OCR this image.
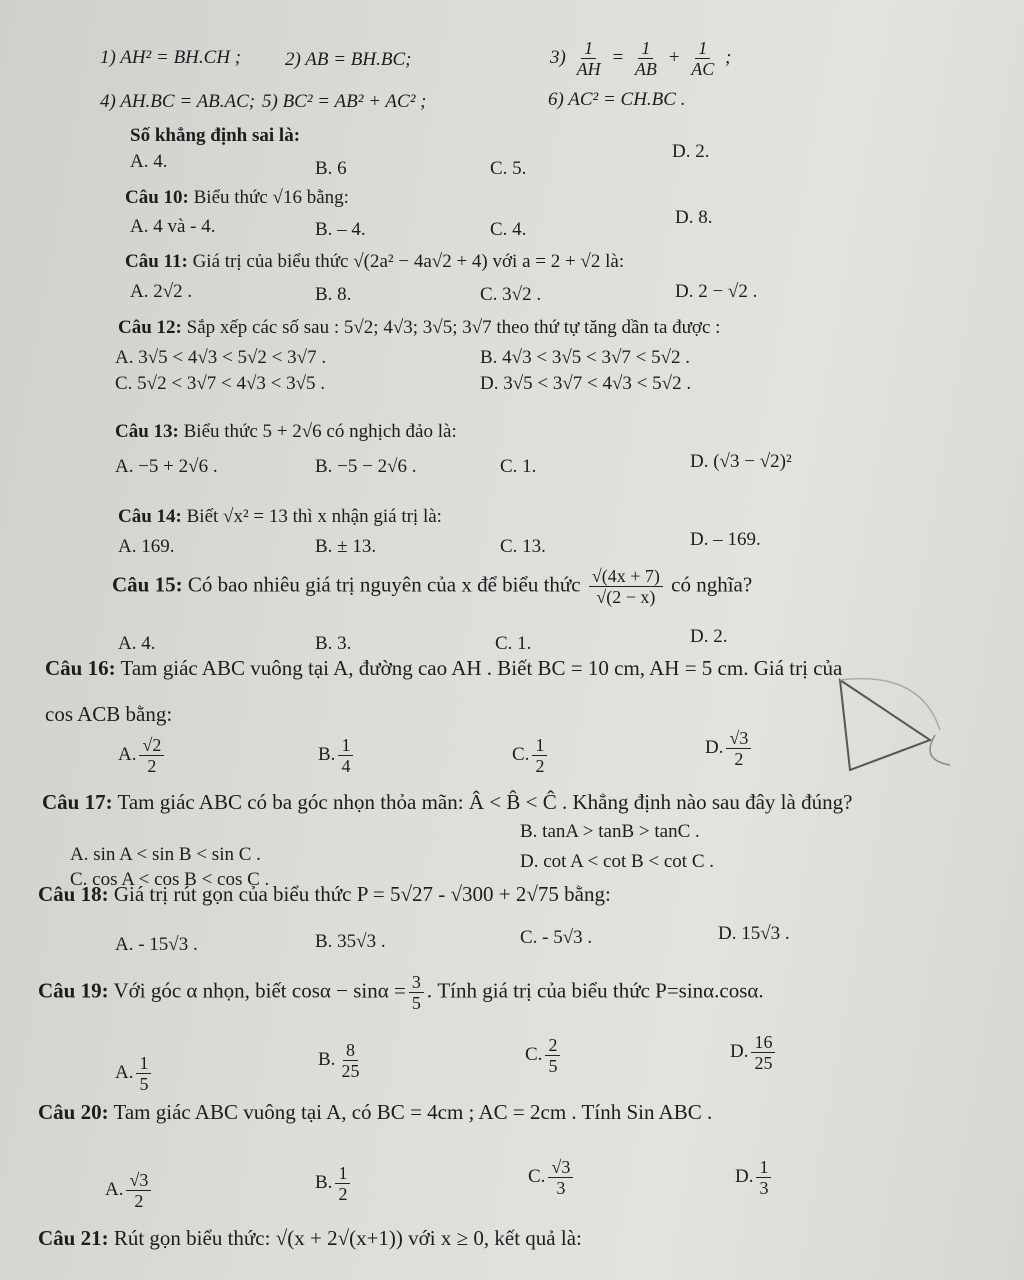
1) AH² = BH.CH ; 2) AB = BH.BC;	$3) \frac{1}{AH} = \frac{1}{AB} + \frac{1}{AC}$ ;
4) AH.BC = AB.AC; 5) BC² = AB² + AC² ;	6) AC² = CH.BC .
Số khẳng định sai là:
A. 4.	B. 6	C. 5.
D. 2.
Câu 10: Biểu thức √16 bằng:
A. 4 và - 4.	B. – 4.	C. 4.
D. 8.
Câu 11: Giá trị của biểu thức √(2a² − 4a√2 + 4) với a = 2 + √2 là:
A. 2√2 .	B. 8.	C. 3√2 .	D. 2 − √2 .
Câu 12: Sắp xếp các số sau : 5√2; 4√3; 3√5; 3√7 theo thứ tự tăng dần ta được :
A. 3√5 < 4√3 < 5√2 < 3√7 .	B. 4√3 < 3√5 < 3√7 < 5√2 .
C. 5√2 < 3√7 < 4√3 < 3√5 .	D. 3√5 < 3√7 < 4√3 < 5√2 .
Câu 13: Biểu thức 5 + 2√6 có nghịch đảo là:
A. −5 + 2√6 .	B. −5 − 2√6 .	C. 1.	D. (√3 − √2)²
Câu 14: Biết √x² = 13 thì x nhận giá trị là:
A. 169.	B. ± 13.	C. 13.	D. – 169.
Câu 15: Có bao nhiêu giá trị nguyên của x để biểu thức $\frac{√(4x + 7)}{√(2 - x)}$ có nghĩa?
A. 4.	B. 3.	C. 1.	D. 2.
Câu 16: Tam giác ABC vuông tại A, đường cao AH . Biết BC = 10 cm, AH = 5 cm. Giá trị của
cos ACB bằng:
A. $\frac{√2}{2}$	B. $\frac{1}{4}$	C. $\frac{1}{2}$	D. $\frac{√3}{2}$
Câu 17: Tam giác ABC có ba góc nhọn thỏa mãn: Â < B̂ < Ĉ . Khẳng định nào sau đây là đúng?
A. sin A < sin B < sin C .
B. tanA > tanB > tanC .
C. cos A < cos B < cos C .
D. cot A < cot B < cot C .
Câu 18: Giá trị rút gọn của biểu thức P = 5√27 - √300 + 2√75 bằng:
A. - 15√3 .	B. 35√3 .	C. - 5√3 .	D. 15√3 .
Câu 19: Với góc α nhọn, biết $\cos\alpha - \sin\alpha = \frac{3}{5}$ . Tính giá trị của biểu thức P=sinα.cosα.
A. $\frac{1}{5}$	B. $\frac{8}{25}$	C. $\frac{2}{5}$	D. $\frac{16}{25}$
Câu 20: Tam giác ABC vuông tại A, có BC = 4cm ; AC = 2cm . Tính Sin ABC .
A. $\frac{√3}{2}$	B. $\frac{1}{2}$	C. $\frac{√3}{3}$	D. $\frac{1}{3}$
Câu 21: Rút gọn biểu thức: √(x + 2√(x+1)) với x ≥ 0, kết quả là:
